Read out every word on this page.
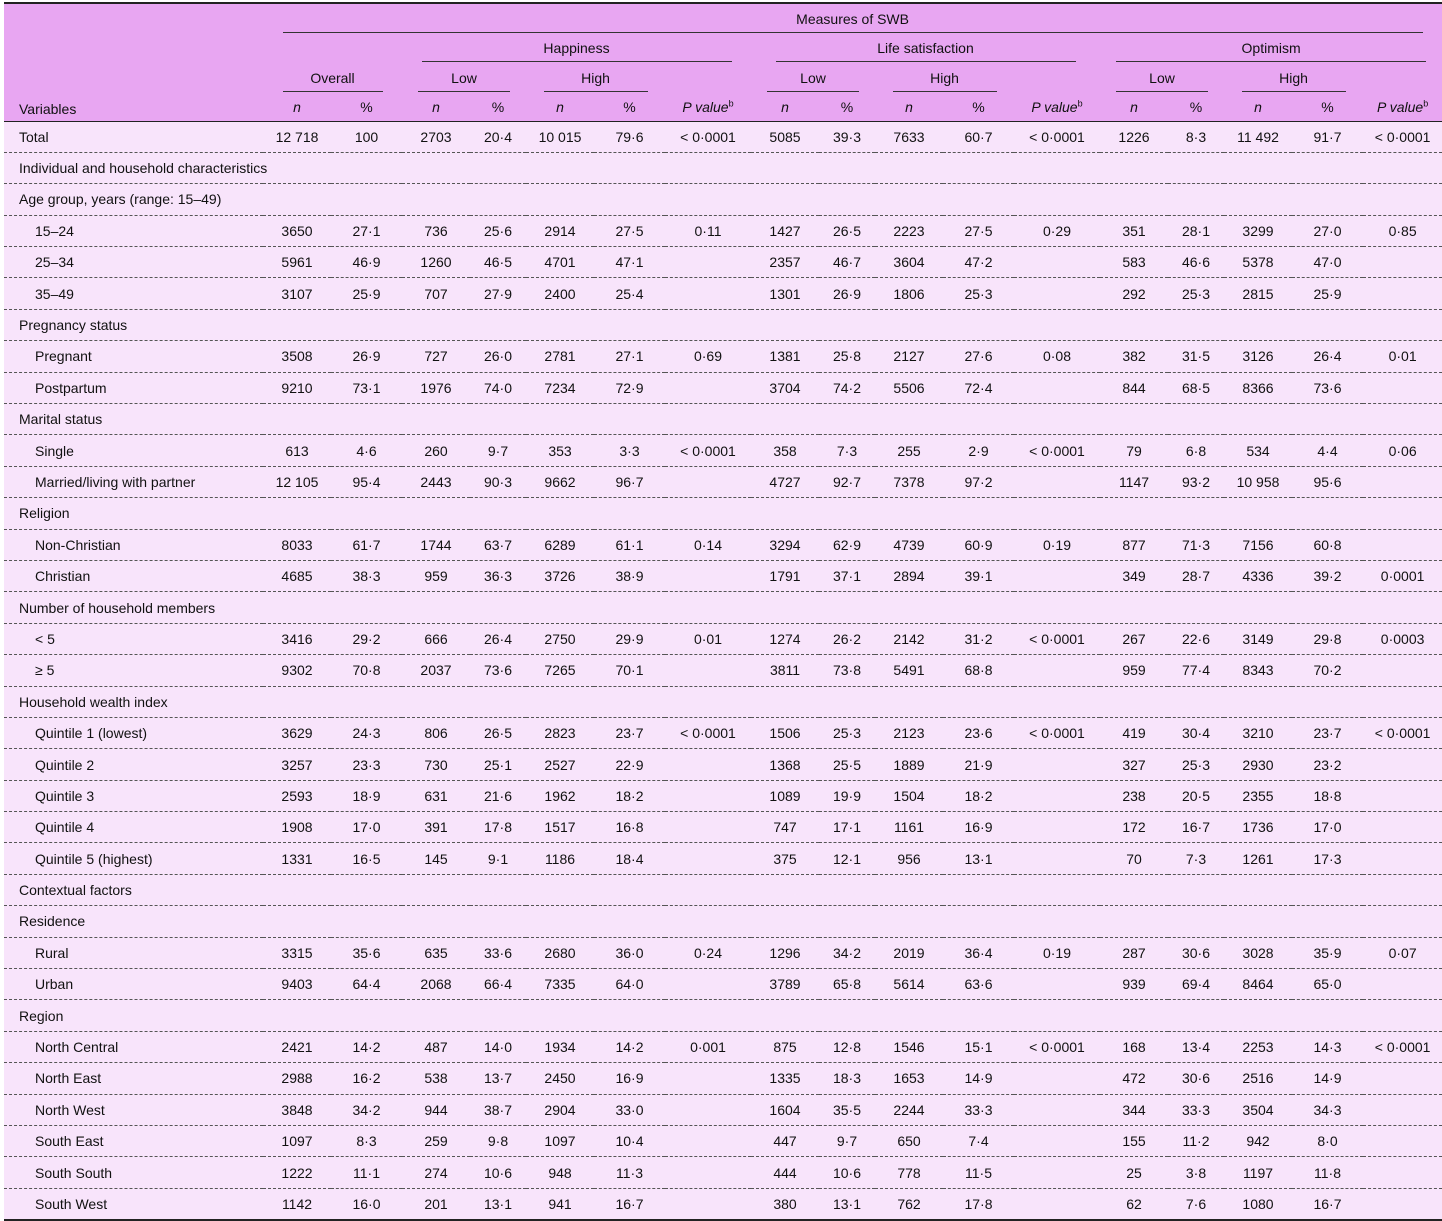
	Measures of SWB																
			Happiness					Life satisfaction					Optimism				
	Overall		Low		High			Low		High			Low		High		
Variables	n	%	n	%	n	%	P value$^b$	n	%	n	%	P value$^b$	n	%	n	%	P value$^b$
Total	12 718	100	2703	20·4	10 015	79·6	< 0·0001	5085	39·3	7633	60·7	< 0·0001	1226	8·3	11 492	91·7	< 0·0001
Individual and household characteristics																	
Age group, years (range: 15–49)																	
15–24	3650	27·1	736	25·6	2914	27·5	0·11	1427	26·5	2223	27·5	0·29	351	28·1	3299	27·0	0·85
25–34	5961	46·9	1260	46·5	4701	47·1		2357	46·7	3604	47·2		583	46·6	5378	47·0	
35–49	3107	25·9	707	27·9	2400	25·4		1301	26·9	1806	25·3		292	25·3	2815	25·9	
Pregnancy status																	
Pregnant	3508	26·9	727	26·0	2781	27·1	0·69	1381	25·8	2127	27·6	0·08	382	31·5	3126	26·4	0·01
Postpartum	9210	73·1	1976	74·0	7234	72·9		3704	74·2	5506	72·4		844	68·5	8366	73·6	
Marital status																	
Single	613	4·6	260	9·7	353	3·3	< 0·0001	358	7·3	255	2·9	< 0·0001	79	6·8	534	4·4	0·06
Married/living with partner	12 105	95·4	2443	90·3	9662	96·7		4727	92·7	7378	97·2		1147	93·2	10 958	95·6	
Religion																	
Non-Christian	8033	61·7	1744	63·7	6289	61·1	0·14	3294	62·9	4739	60·9	0·19	877	71·3	7156	60·8	
Christian	4685	38·3	959	36·3	3726	38·9		1791	37·1	2894	39·1		349	28·7	4336	39·2	0·0001
Number of household members																	
< 5	3416	29·2	666	26·4	2750	29·9	0·01	1274	26·2	2142	31·2	< 0·0001	267	22·6	3149	29·8	0·0003
≥ 5	9302	70·8	2037	73·6	7265	70·1		3811	73·8	5491	68·8		959	77·4	8343	70·2	
Household wealth index																	
Quintile 1 (lowest)	3629	24·3	806	26·5	2823	23·7	< 0·0001	1506	25·3	2123	23·6	< 0·0001	419	30·4	3210	23·7	< 0·0001
Quintile 2	3257	23·3	730	25·1	2527	22·9		1368	25·5	1889	21·9		327	25·3	2930	23·2	
Quintile 3	2593	18·9	631	21·6	1962	18·2		1089	19·9	1504	18·2		238	20·5	2355	18·8	
Quintile 4	1908	17·0	391	17·8	1517	16·8		747	17·1	1161	16·9		172	16·7	1736	17·0	
Quintile 5 (highest)	1331	16·5	145	9·1	1186	18·4		375	12·1	956	13·1		70	7·3	1261	17·3	
Contextual factors																	
Residence																	
Rural	3315	35·6	635	33·6	2680	36·0	0·24	1296	34·2	2019	36·4	0·19	287	30·6	3028	35·9	0·07
Urban	9403	64·4	2068	66·4	7335	64·0		3789	65·8	5614	63·6		939	69·4	8464	65·0	
Region																	
North Central	2421	14·2	487	14·0	1934	14·2	0·001	875	12·8	1546	15·1	< 0·0001	168	13·4	2253	14·3	< 0·0001
North East	2988	16·2	538	13·7	2450	16·9		1335	18·3	1653	14·9		472	30·6	2516	14·9	
North West	3848	34·2	944	38·7	2904	33·0		1604	35·5	2244	33·3		344	33·3	3504	34·3	
South East	1097	8·3	259	9·8	1097	10·4		447	9·7	650	7·4		155	11·2	942	8·0	
South South	1222	11·1	274	10·6	948	11·3		444	10·6	778	11·5		25	3·8	1197	11·8	
South West	1142	16·0	201	13·1	941	16·7		380	13·1	762	17·8		62	7·6	1080	16·7	
